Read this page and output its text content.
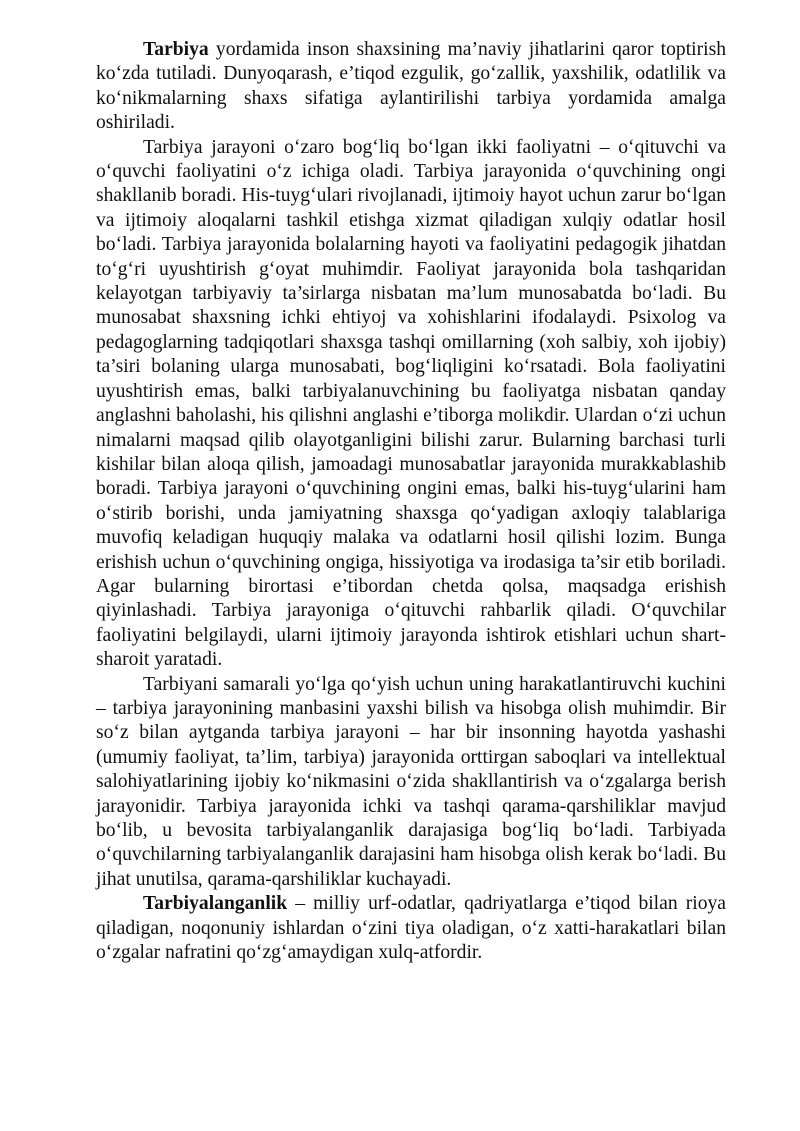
Tarbiya yordamida inson shaxsining ma’naviy jihatlarini qaror toptirish ko‘zda tutiladi. Dunyoqarash, e’tiqod ezgulik, go‘zallik, yaxshilik, odatlilik va ko‘nikmalarning shaxs sifatiga aylantirilishi tarbiya yordamida amalga oshiriladi.

Tarbiya jarayoni o‘zaro bog‘liq bo‘lgan ikki faoliyatni – o‘qituvchi va o‘quvchi faoliyatini o‘z ichiga oladi. Tarbiya jarayonida o‘quvchining ongi shakllanib boradi. His-tuyg‘ulari rivojlanadi, ijtimoiy hayot uchun zarur bo‘lgan va ijtimoiy aloqalarni tashkil etishga xizmat qiladigan xulqiy odatlar hosil bo‘ladi. Tarbiya jarayonida bolalarning hayoti va faoliyatini pedagogik jihatdan to‘g‘ri uyushtirish g‘oyat muhimdir. Faoliyat jarayonida bola tashqaridan kelayotgan tarbiyaviy ta’sirlarga nisbatan ma’lum munosabatda bo‘ladi. Bu munosabat shaxsning ichki ehtiyoj va xohishlarini ifodalaydi. Psixolog va pedagoglarning tadqiqotlari shaxsga tashqi omillarning (xoh salbiy, xoh ijobiy) ta’siri bolaning ularga munosabati, bog‘liqligini ko‘rsatadi. Bola faoliyatini uyushtirish emas, balki tarbiyalanuvchining bu faoliyatga nisbatan qanday anglashni baholashi, his qilishni anglashi e’tiborga molikdir. Ulardan o‘zi uchun nimalarni maqsad qilib olayotganligini bilishi zarur. Bularning barchasi turli kishilar bilan aloqa qilish, jamoadagi munosabatlar jarayonida murakkablashib boradi. Tarbiya jarayoni o‘quvchining ongini emas, balki his-tuyg‘ularini ham o‘stirib borishi, unda jamiyatning shaxsga qo‘yadigan axloqiy talablariga muvofiq keladigan huquqiy malaka va odatlarni hosil qilishi lozim. Bunga erishish uchun o‘quvchining ongiga, hissiyotiga va irodasiga ta’sir etib boriladi. Agar bularning birortasi e’tibordan chetda qolsa, maqsadga erishish qiyinlashadi. Tarbiya jarayoniga o‘qituvchi rahbarlik qiladi. O‘quvchilar faoliyatini belgilaydi, ularni ijtimoiy jarayonda ishtirok etishlari uchun shart-sharoit yaratadi.

Tarbiyani samarali yo‘lga qo‘yish uchun uning harakatlantiruvchi kuchini – tarbiya jarayonining manbasini yaxshi bilish va hisobga olish muhimdir. Bir so‘z bilan aytganda tarbiya jarayoni – har bir insonning hayotda yashashi (umumiy faoliyat, ta’lim, tarbiya) jarayonida orttirgan saboqlari va intellektual salohiyatlarining ijobiy ko‘nikmasini o‘zida shakllantirish va o‘zgalarga berish jarayonidir. Tarbiya jarayonida ichki va tashqi qarama-qarshiliklar mavjud bo‘lib, u bevosita tarbiyalanganlik darajasiga bog‘liq bo‘ladi. Tarbiyada o‘quvchilarning tarbiyalanganlik darajasini ham hisobga olish kerak bo‘ladi. Bu jihat unutilsa, qarama-qarshiliklar kuchayadi.

Tarbiyalanganlik – milliy urf-odatlar, qadriyatlarga e’tiqod bilan rioya qiladigan, noqonuniy ishlardan o‘zini tiya oladigan, o‘z xatti-harakatlari bilan o‘zgalar nafratini qo‘zg‘amaydigan xulq-atfordir.
